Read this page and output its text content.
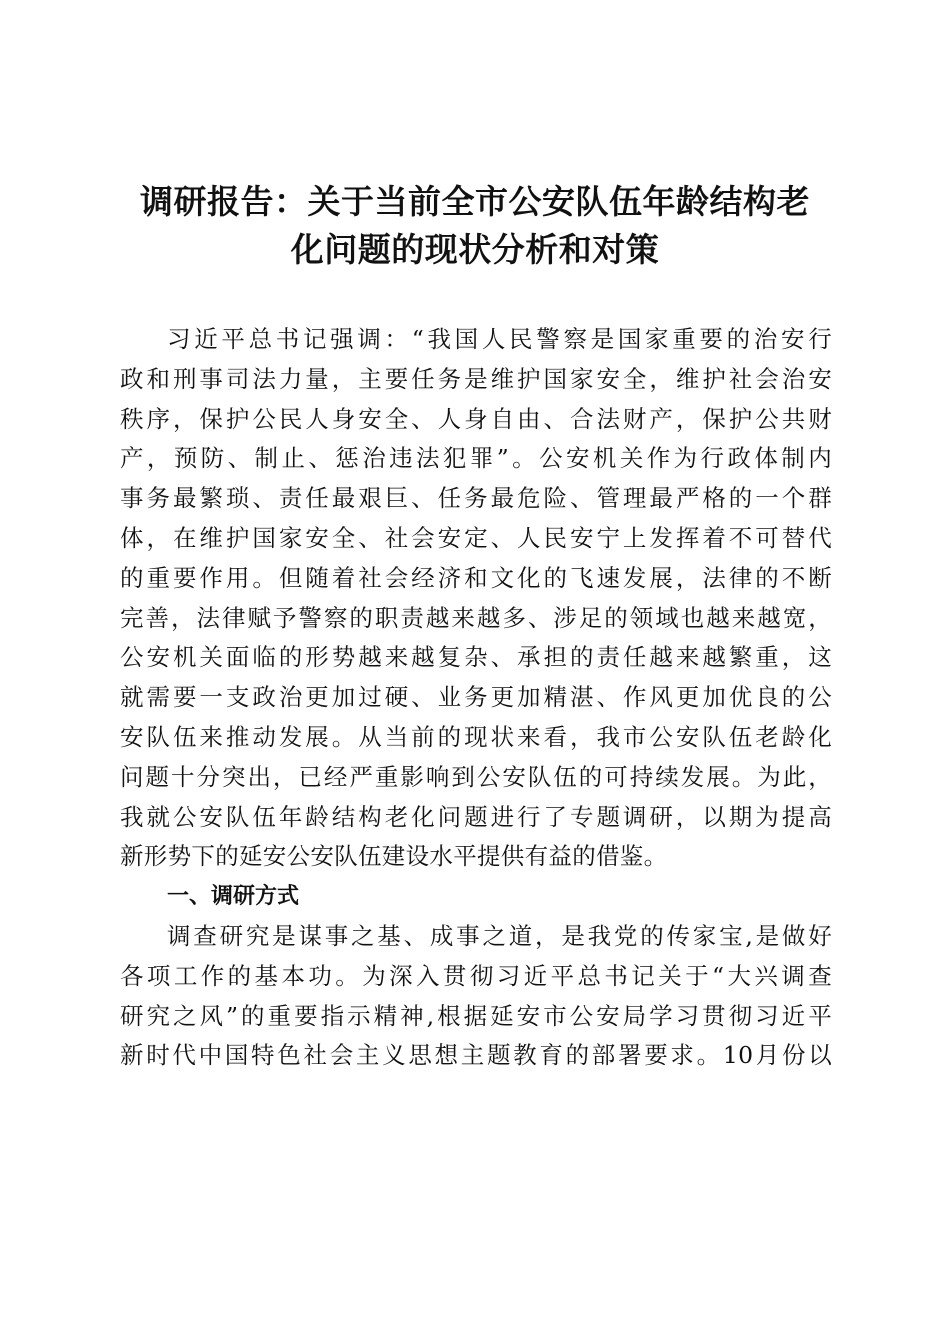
调研报告：关于当前全市公安队伍年龄结构老
化问题的现状分析和对策
习近平总书记强调：“我国人民警察是国家重要的治安行
政和刑事司法力量，主要任务是维护国家安全，维护社会治安
秩序，保护公民人身安全、人身自由、合法财产，保护公共财
产，预防、制止、惩治违法犯罪”。公安机关作为行政体制内
事务最繁琐、责任最艰巨、任务最危险、管理最严格的一个群
体，在维护国家安全、社会安定、人民安宁上发挥着不可替代
的重要作用。但随着社会经济和文化的飞速发展，法律的不断
完善，法律赋予警察的职责越来越多、涉足的领域也越来越宽，
公安机关面临的形势越来越复杂、承担的责任越来越繁重，这
就需要一支政治更加过硬、业务更加精湛、作风更加优良的公
安队伍来推动发展。从当前的现状来看，我市公安队伍老龄化
问题十分突出，已经严重影响到公安队伍的可持续发展。为此，
我就公安队伍年龄结构老化问题进行了专题调研，以期为提高
新形势下的延安公安队伍建设水平提供有益的借鉴。
一、调研方式
调查研究是谋事之基、成事之道，是我党的传家宝,是做好
各项工作的基本功。为深入贯彻习近平总书记关于“大兴调查
研究之风”的重要指示精神,根据延安市公安局学习贯彻习近平
新时代中国特色社会主义思想主题教育的部署要求。10月份以
